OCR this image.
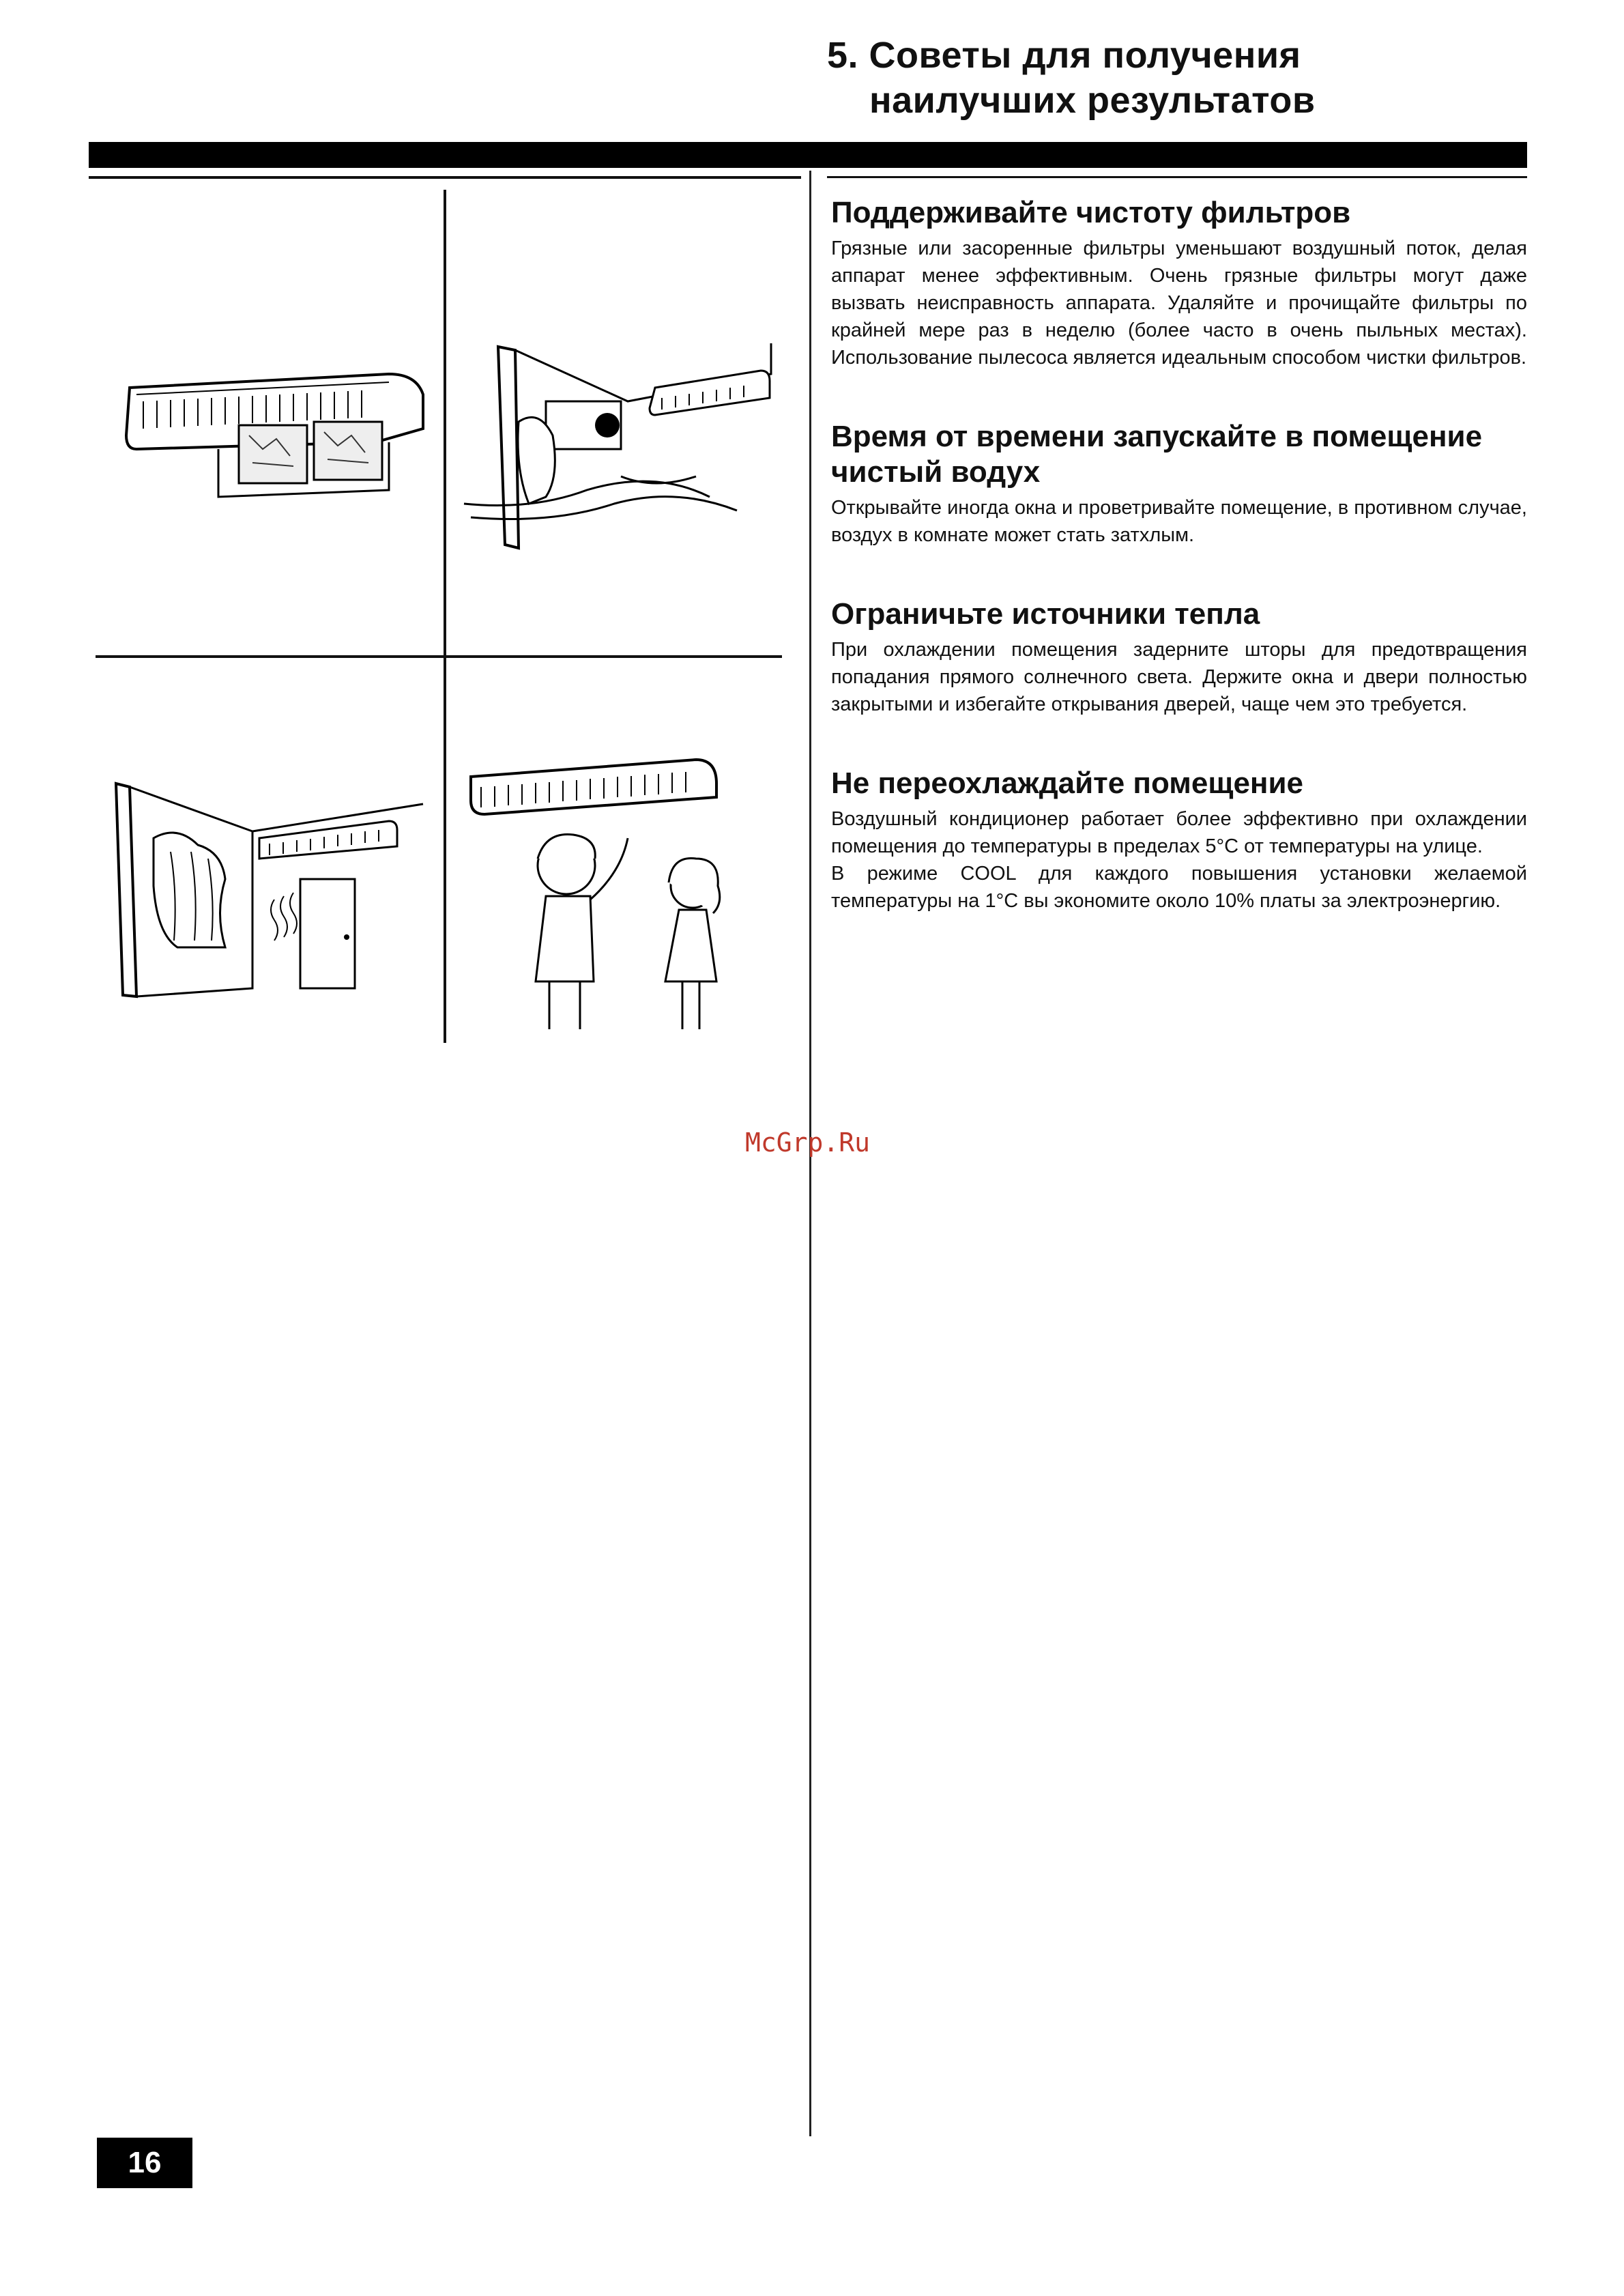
5. Советы для получения
наилучших результатов
Поддерживайте чистоту фильтров

Грязные или засоренные фильтры уменьшают воздушный поток, делая аппарат менее эффективным. Очень грязные фильтры могут даже вызвать неисправность аппарата. Удаляйте и прочищайте фильтры по крайней мере раз в неделю (более часто в очень пыльных местах). Использование пылесоса является идеальным способом чистки фильтров.

Время от времени запускайте в помещение чистый водух

Открывайте иногда окна и проветривайте помещение, в противном случае, воздух в комнате может стать затхлым.

Ограничьте источники тепла

При охлаждении помещения задерните шторы для предотвращения попадания прямого солнечного света. Держите окна и двери полностью закрытыми и избегайте открывания дверей, чаще чем это требуется.

Не переохлаждайте помещение

Воздушный кондиционер работает более эффективно при охлаждении помещения до температуры в пределах 5°С от температуры на улице.

В режиме COOL для каждого повышения установки желаемой температуры на 1°С вы экономите около 10% платы за электроэнергию.

McGrp.Ru
16
